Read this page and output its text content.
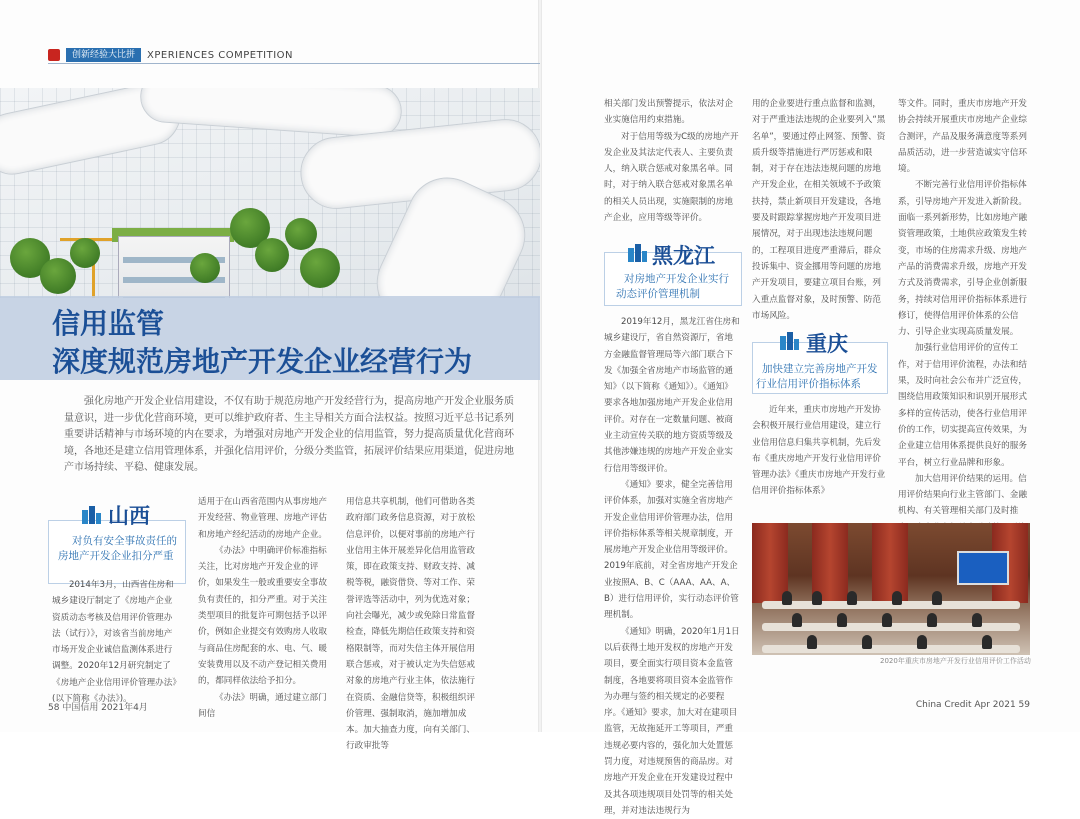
创新经验大比拼	XPERIENCES COMPETITION
信用监管
深度规范房地产开发企业经营行为

强化房地产开发企业信用建设，不仅有助于规范房地产开发经营行为，提高房地产开发企业服务质量意识，进一步优化营商环境，更可以维护政府者、生主导相关方面合法权益。按照习近平总书记系列重要讲话精神与市场环境的内在要求，为增强对房地产开发企业的信用监管，努力提高质量优化营商环境，各地还是建立信用管理体系，并强化信用评价，分级分类监管，拓展评价结果应用渠道，促进房地产市场持续、平稳、健康发展。

山西
对负有安全事故责任的
房地产开发企业扣分严重

2014年3月，山西省住房和城乡建设厅制定了《房地产企业资质动态考核及信用评价管理办法（试行）》，对该省当前房地产市场开发企业诚信监测体系进行调整。2020年12月研究制定了《房地产企业信用评价管理办法》(以下简称《办法》)。

适用于在山西省范围内从事房地产开发经营、物业管理、房地产评估和房地产经纪活动的房地产企业。

《办法》中明确评价标准指标关注，比对房地产开发企业的评价，如果发生一般或重要安全事故负有责任的，扣分严重。对于关注类型项目的批复许可期包括予以评价，例如企业提交有效购房人收取与商品住房配套的水、电、气、暖安装费用以及不动产登记相关费用的，都同样依法给予扣分。

《办法》明确，通过建立部门间信

用信息共享机制，他们可借助各类政府部门政务信息资源，对于放松信息评价，以便对事前的房地产行业信用主体开展差异化信用监管政策，即在政策支持、财政支持、减税等税，融资借贷、等对工作、荣誉评选等活动中，列为优选对象；向社会曝光，减少或免除日常监督检查，降低先期信任政策支持和资格限制等，而对失信主体开展信用联合惩戒，对于被认定为失信惩戒对象的房地产行业主体，依法施行在资质、金融信贷等，积极组织评价管理、强制取消，施加增加成本。加大抽查力度，向有关部门、行政审批等

相关部门发出预警提示，依法对企业实施信用约束措施。

对于信用等级为C级的房地产开发企业及其法定代表人、主要负责人，纳入联合惩戒对象黑名单。同时，对于纳入联合惩戒对象黑名单的相关人员出现，实施限制的房地产企业，应用等级等评价。

黑龙江
对房地产开发企业实行
动态评价管理机制

2019年12月，黑龙江省住房和城乡建设厅，省自然资源厅，省地方金融监督管理局等六部门联合下发《加强全省房地产市场监管的通知》（以下简称《通知》）。《通知》要求各地加强房地产开发企业信用评价。对存在一定数量问题、被商业主动宣传关联的地方资质等级及其他涉嫌违规的房地产开发企业实行信用等级评价。

《通知》要求，健全完善信用评价体系，加强对实施全省房地产开发企业信用评价管理办法，信用评价指标体系等相关规章制度，开展房地产开发企业信用等级评价。2019年底前，对全省房地产开发企业按照A、B、C（AAA、AA、A、B）进行信用评价，实行动态评价管理机制。

《通知》明确，2020年1月1日以后获得土地开发权的房地产开发项目，要全面实行项目资本金监管制度，各地要将项目资本金监管作为办理与签约相关规定的必要程序。《通知》要求，加大对在建项目监管，无故拖延开工等项目，严重违规必要内容的，强化加大处置惩罚力度，对违规预售的商品房。对房地产开发企业在开发建设过程中及其各项违规项目处罚等的相关处理，并对违法违规行为

用的企业要进行重点监督和监测，对于严重违法违规的企业要列入“黑名单”，要通过停止网签、预警、资质升级等措施进行严厉惩戒和限制，对于存在违法违规问题的房地产开发企业，在相关领域不予政策扶持，禁止新项目开发建设，各地要及时跟踪掌握房地产开发项目进展情况，对于出现违法违规问题的，工程项目进度严重滞后，群众投诉集中、资金挪用等问题的房地产开发项目，要建立项目台账，列入重点监督对象，及时预警、防范市场风险。

重庆
加快建立完善房地产开发
行业信用评价指标体系

近年来，重庆市房地产开发协会积极开展行业信用建设，建立行业信用信息归集共享机制，先后发布《重庆房地产开发行业信用评价管理办法》《重庆市房地产开发行业信用评价指标体系》

等文件。同时，重庆市房地产开发协会持续开展重庆市房地产企业综合测评，产品及服务满意度等系列品质活动，进一步营造诚实守信环境。

不断完善行业信用评价指标体系，引导房地产开发进入新阶段。面临一系列新形势，比如房地产融资管理政策，土地供应政策发生转变，市场的住房需求升级、房地产产品的消费需求升级，房地产开发方式及消费需求，引导企业创新服务，持续对信用评价指标体系进行修订，使得信用评价体系的公信力、引导企业实现高质量发展。

加强行业信用评价的宣传工作，对于信用评价流程，办法和结果，及时向社会公布并广泛宣传，围绕信用政策知识和识别开展形式多样的宣传活动，使各行业信用评价的工作，切实提高宣传效果，为企业建立信用体系提供良好的服务平台，树立行业品牌和形象。

加大信用评价结果的运用。信用评价结果向行业主管部门、金融机构、有关管理相关部门及时推

2020年重庆市房地产开发行业信用评价工作活动
58 中国信用 2021年4月	China Credit Apr 2021 59
